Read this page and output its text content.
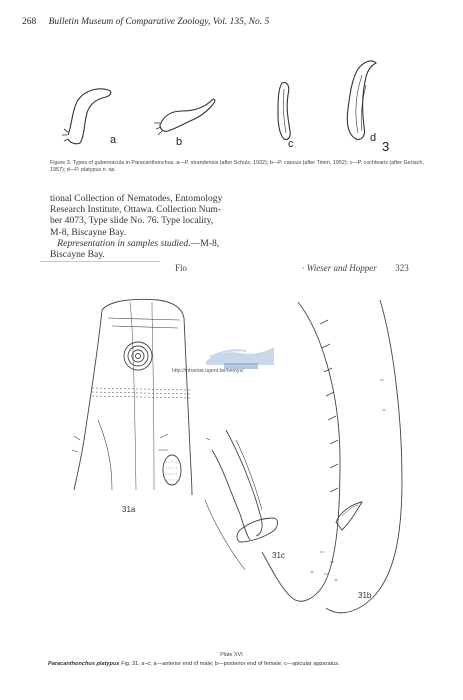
268 Bulletin Museum of Comparative Zoology, Vol. 135, No. 5
a	b	c	d
3
Figure 3. Types of gubernacula in Paracanthonchus. a—P. strandensis (after Schulz, 1932); b—P. caecus (after Timm, 1952); c—P. cochlearis (after Gerlach, 1957); d—P. platypus n. sp.
tional Collection of Nematodes, Entomology
Research Institute, Ottawa. Collection Num-
ber 4073, Type slide No. 76. Type locality,
M-8, Biscayne Bay.
Representation in samples studied.—M-8,
Biscayne Bay.
Flo	· Wieser and Hopper 323
31a
31c
31b
http://intramar.ugent.be/nemys/
Plate XVI
Paracanthonchus platypus Fig. 31, a–c; a—anterior end of male; b—posterior end of female; c—spicular apparatus.
